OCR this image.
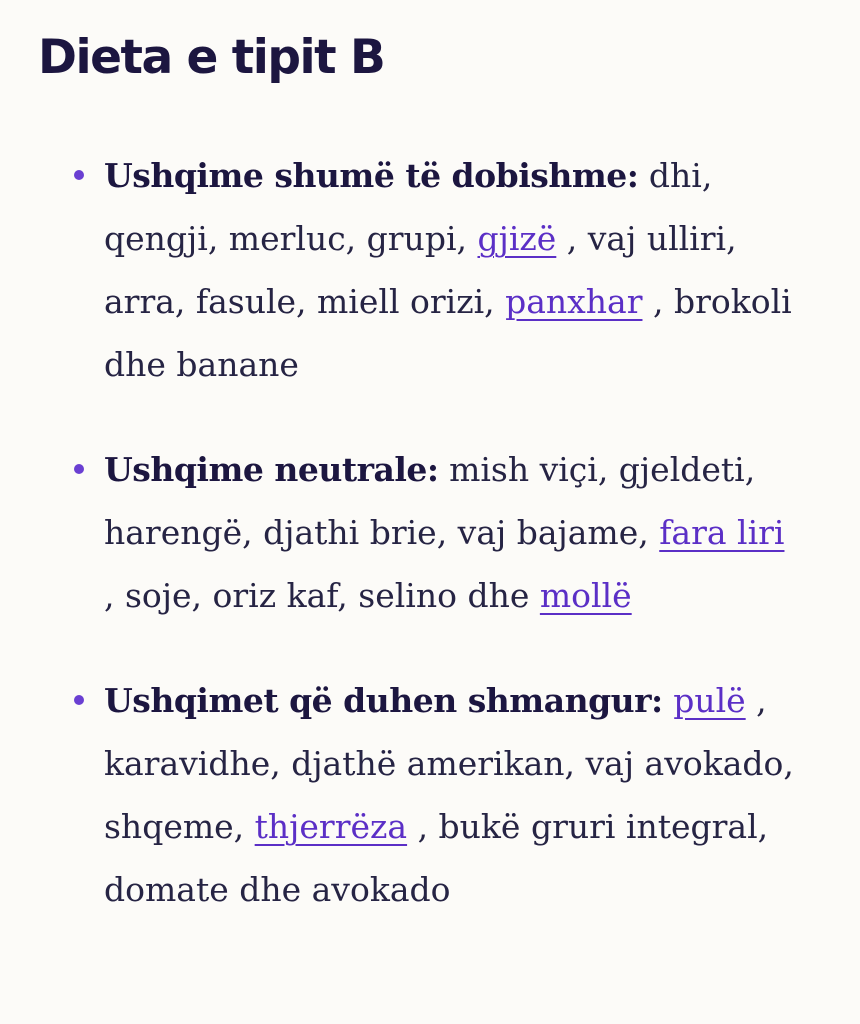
Dieta e tipit B
Ushqime shumë të dobishme: dhi, qengji, merluc, grupi, gjizë , vaj ulliri, arra, fasule, miell orizi, panxhar , brokoli dhe banane
Ushqime neutrale: mish viçi, gjeldeti, harengë, djathi brie, vaj bajame, fara liri , soje, oriz kaf, selino dhe mollë
Ushqimet që duhen shmangur: pulë , karavidhe, djathë amerikan, vaj avokado, shqeme, thjerrëza , bukë gruri integral, domate dhe avokado
